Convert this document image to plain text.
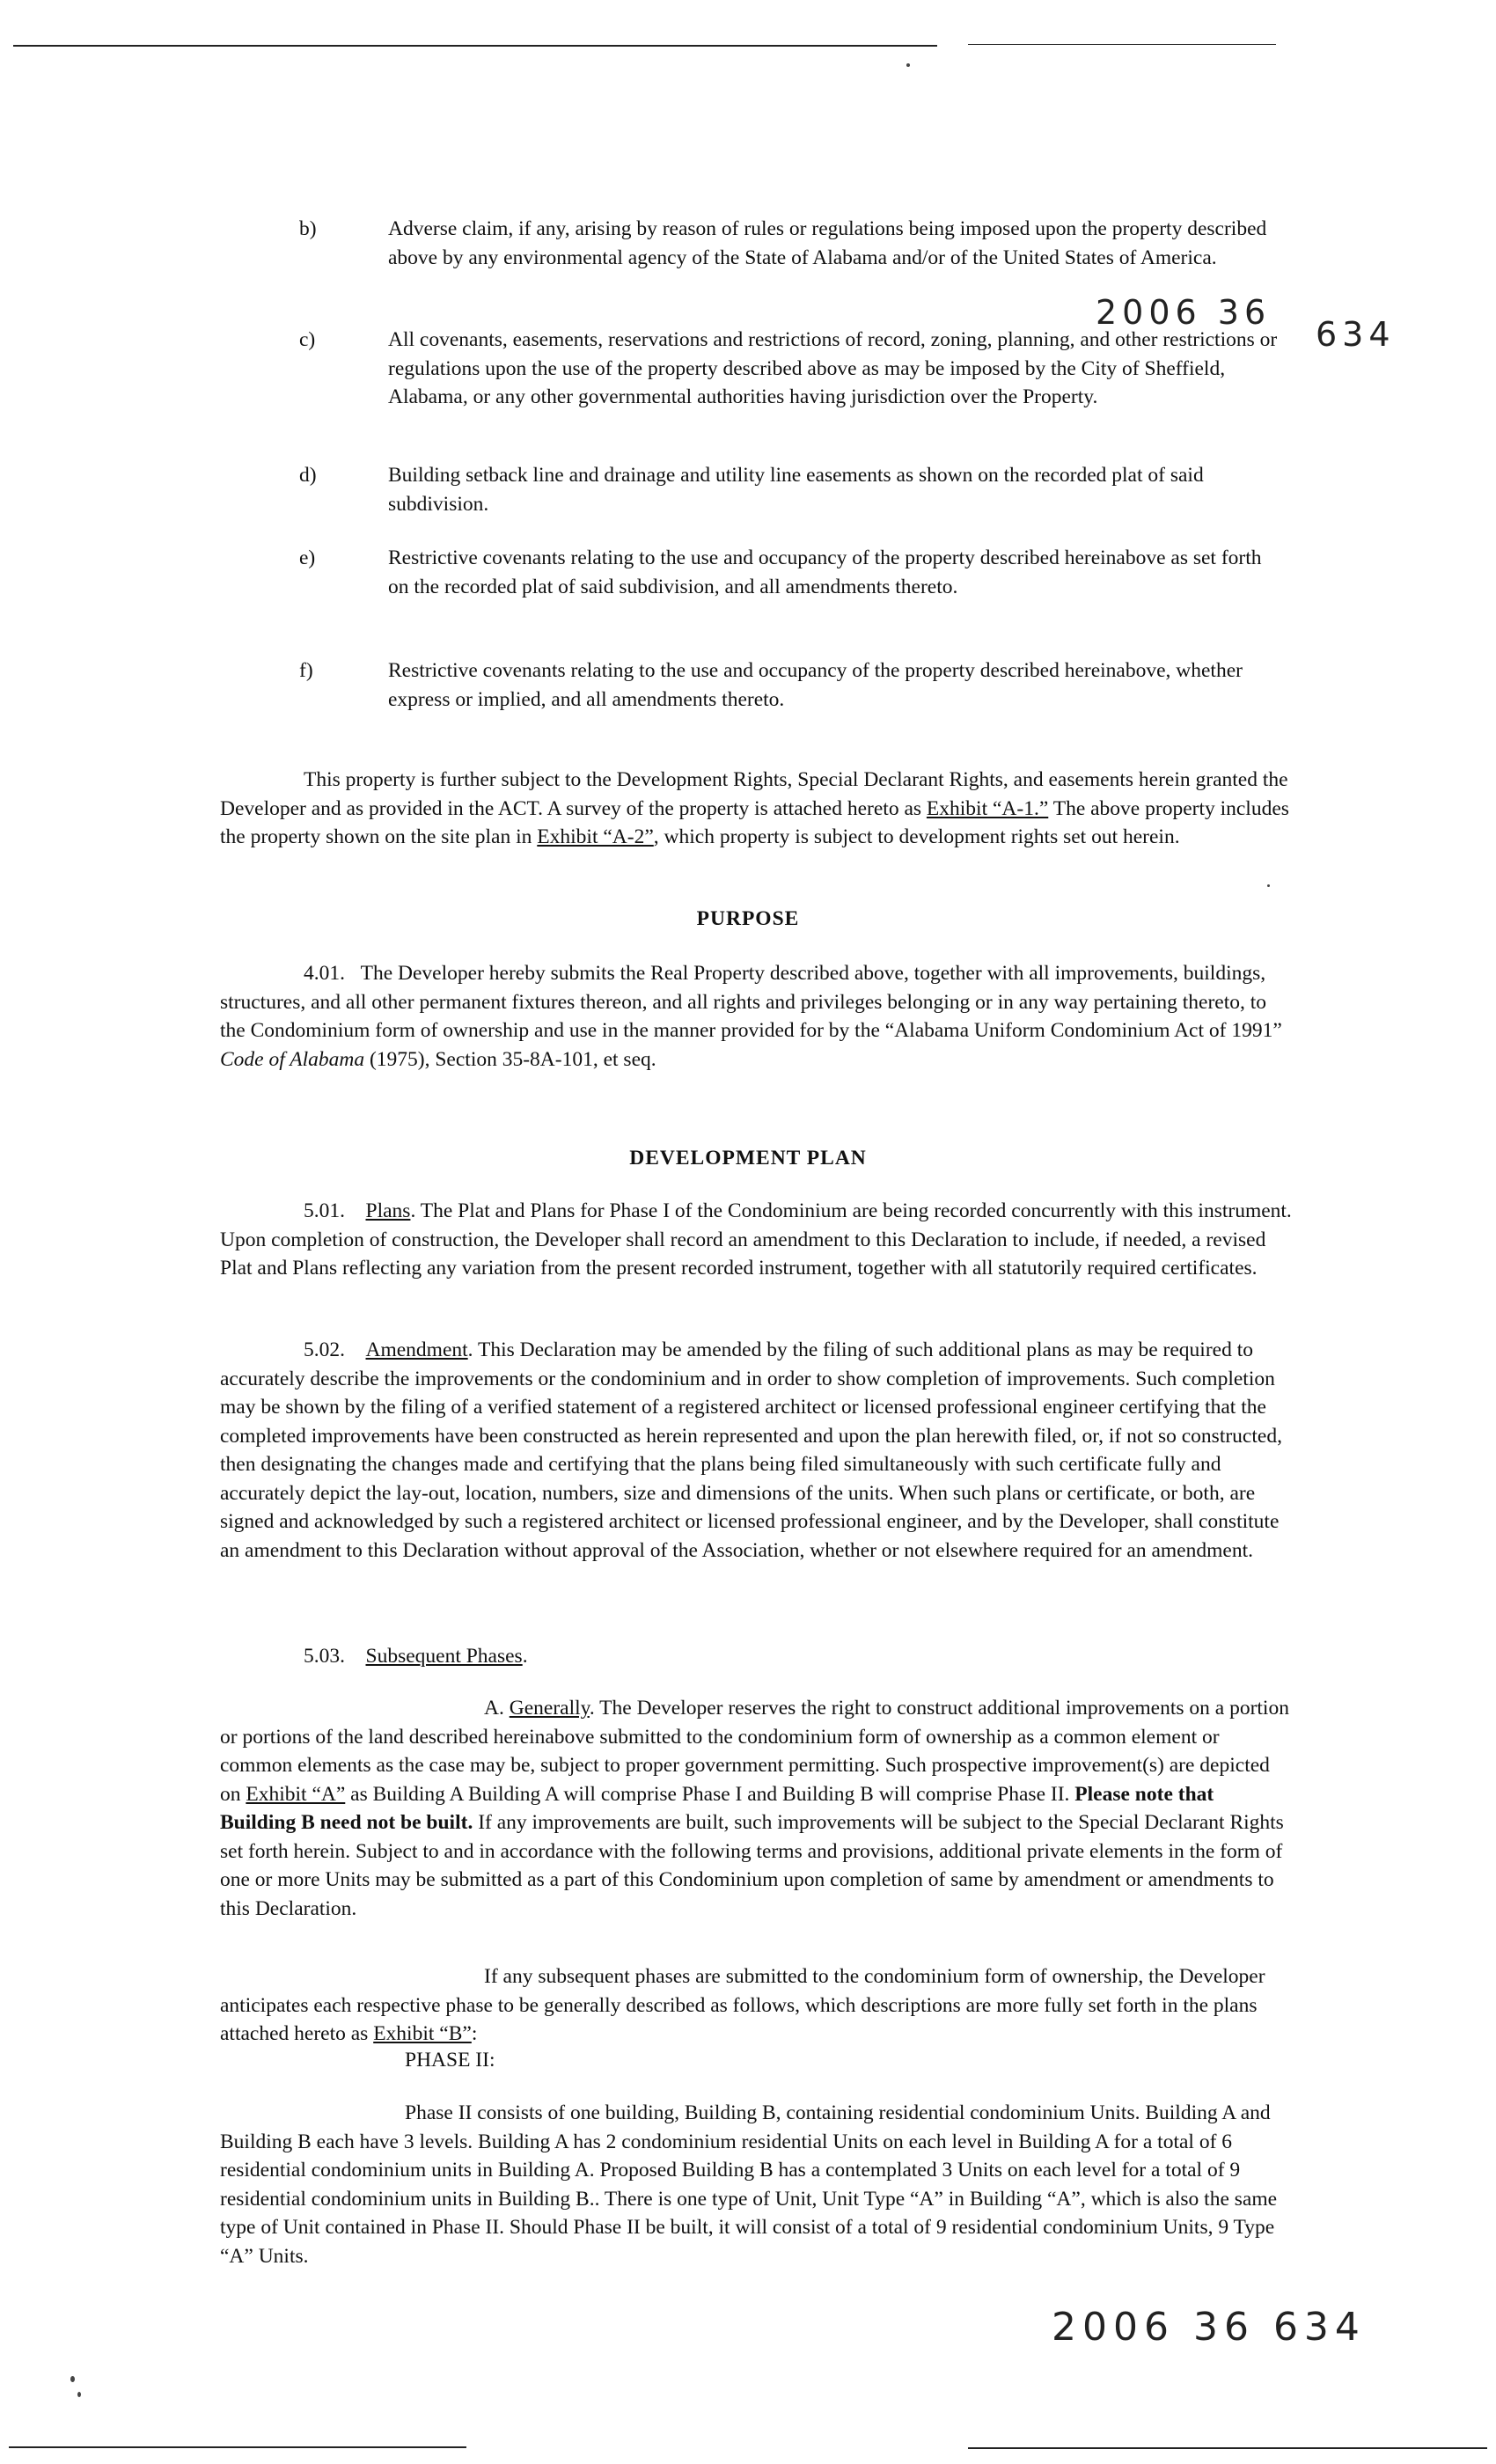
2006 36
634
2006 36 634
b)	Adverse claim, if any, arising by reason of rules or regulations being imposed upon the property described above by any environmental agency of the State of Alabama and/or of the United States of America.
c)	All covenants, easements, reservations and restrictions of record, zoning, planning, and other restrictions or regulations upon the use of the property described above as may be imposed by the City of Sheffield, Alabama, or any other governmental authorities having jurisdiction over the Property.
d)	Building setback line and drainage and utility line easements as shown on the recorded plat of said subdivision.
e)	Restrictive covenants relating to the use and occupancy of the property described hereinabove as set forth on the recorded plat of said subdivision, and all amendments thereto.
f)	Restrictive covenants relating to the use and occupancy of the property described hereinabove, whether express or implied, and all amendments thereto.

This property is further subject to the Development Rights, Special Declarant Rights, and easements herein granted the Developer and as provided in the ACT. A survey of the property is attached hereto as Exhibit “A-1.” The above property includes the property shown on the site plan in Exhibit “A-2”, which property is subject to development rights set out herein.

PURPOSE

4.01. The Developer hereby submits the Real Property described above, together with all improvements, buildings, structures, and all other permanent fixtures thereon, and all rights and privileges belonging or in any way pertaining thereto, to the Condominium form of ownership and use in the manner provided for by the “Alabama Uniform Condominium Act of 1991” Code of Alabama (1975), Section 35-8A-101, et seq.

DEVELOPMENT PLAN

5.01. Plans. The Plat and Plans for Phase I of the Condominium are being recorded concurrently with this instrument. Upon completion of construction, the Developer shall record an amendment to this Declaration to include, if needed, a revised Plat and Plans reflecting any variation from the present recorded instrument, together with all statutorily required certificates.

5.02. Amendment. This Declaration may be amended by the filing of such additional plans as may be required to accurately describe the improvements or the condominium and in order to show completion of improvements. Such completion may be shown by the filing of a verified statement of a registered architect or licensed professional engineer certifying that the completed improvements have been constructed as herein represented and upon the plan herewith filed, or, if not so constructed, then designating the changes made and certifying that the plans being filed simultaneously with such certificate fully and accurately depict the lay-out, location, numbers, size and dimensions of the units. When such plans or certificate, or both, are signed and acknowledged by such a registered architect or licensed professional engineer, and by the Developer, shall constitute an amendment to this Declaration without approval of the Association, whether or not elsewhere required for an amendment.

5.03. Subsequent Phases.

A. Generally. The Developer reserves the right to construct additional improvements on a portion or portions of the land described hereinabove submitted to the condominium form of ownership as a common element or common elements as the case may be, subject to proper government permitting. Such prospective improvement(s) are depicted on Exhibit “A” as Building A Building A will comprise Phase I and Building B will comprise Phase II. Please note that Building B need not be built. If any improvements are built, such improvements will be subject to the Special Declarant Rights set forth herein. Subject to and in accordance with the following terms and provisions, additional private elements in the form of one or more Units may be submitted as a part of this Condominium upon completion of same by amendment or amendments to this Declaration.

If any subsequent phases are submitted to the condominium form of ownership, the Developer anticipates each respective phase to be generally described as follows, which descriptions are more fully set forth in the plans attached hereto as Exhibit “B”:

PHASE II:

Phase II consists of one building, Building B, containing residential condominium Units. Building A and Building B each have 3 levels. Building A has 2 condominium residential Units on each level in Building A for a total of 6 residential condominium units in Building A. Proposed Building B has a contemplated 3 Units on each level for a total of 9 residential condominium units in Building B.. There is one type of Unit, Unit Type “A” in Building “A”, which is also the same type of Unit contained in Phase II. Should Phase II be built, it will consist of a total of 9 residential condominium Units, 9 Type “A” Units.
